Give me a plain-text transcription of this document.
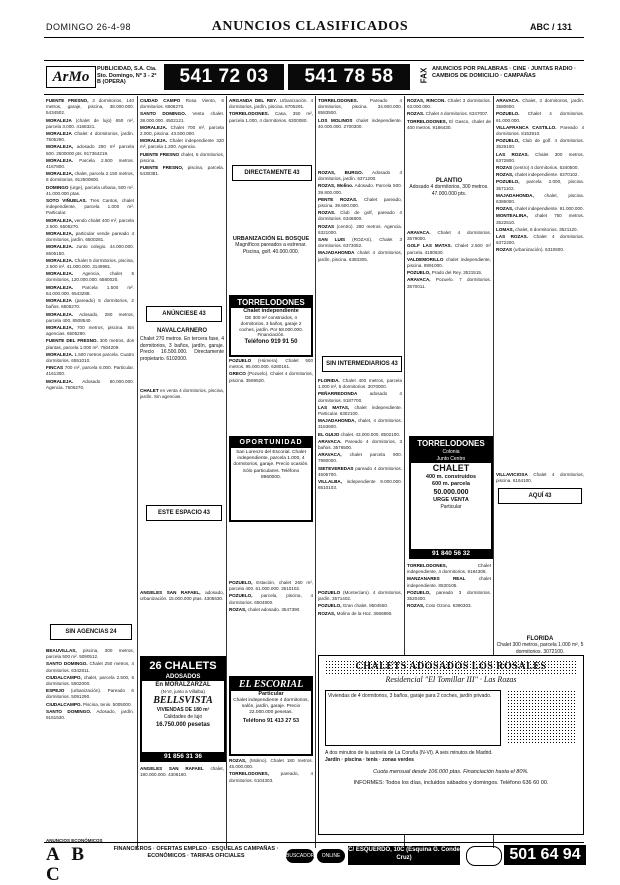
DOMINGO 26-4-98	ANUNCIOS CLASIFICADOS	ABC / 131
ArMo	PUBLICIDAD, S.A. Cta. Sto. Domingo, Nº 3 - 2º B (OPERA)	541 72 03	541 78 58	FAX ANUNCIOS POR PALABRAS · CINE · JUNTAS RADIO · CAMBIOS DE DOMICILIO · CAMPAÑAS

FUENTE FRESNO, 3 dormitorios, 140 metros, garaje, piscina, 38.000.000. 5434502.

MORALEJA (chalet de lujo) 650 m², parcela 3.000. 4168321.

MORALEJA Chalet 4 dormitorios, jardín. 7505290.

MORALEJA, adosado 250 m² parcela 500. 2500000 pts. 917364219.

MORALEJA. Parcela 2.500 metros. 4167800.

MORALEJA, chalet, parcela 2.150 metros, 8 dormitorios. 912500800.

DOMINGO (urge), parcela urbana, 500 m². 41.000.000 ptas.

SOTO VIÑUELAS. Tres Cantos, chalet independiente, parcela 1.000 m². Particular.

MORALEJA, vendo chalet 400 m², parcela 2.500. 6506270.

MORALEJA, particular vende pareado 4 dormitorios, jardín. 6500281.

MORALEJA. Junto colegio. 44.000.000. 6605150.

MORALEJA. Chalet 5 dormitorios, piscina, 2.500 m². 41.000.000. 3149981.

MORALEJA. Agencia, chalet 5 dormitorios, 120.000.000. 6580020.

MORALEJA. Parcela 1.500 m². 64.000.000. 6543288.

MORALEJA (pareado) 5 dormitorios, 2 baños. 6505270.

MORALEJA. Adosado, 280 metros, parcela 400. 8508540.

MORALEJA, 700 metros, piscina. Sin agencias. 6505290.

FUENTE DEL FRESNO. 300 metros, dos plantas, parcela 1.000 m². 7504209.

MORALEJA. 1.500 metros parcela. Cuatro dormitorios. 6551010.

FINCAS 700 m², parcela 6.000. Particular. 4161300.

MORALEJA. Adosado 60.000.000. Agencia. 7506270.

SIN AGENCIAS 24

BEAUVILLAS, piscina, 300 metros, parcela 500 m². 5090512.

SANTO DOMINGO. Chalet 250 metros, 4 dormitorios. 6342811.

CIUDALCAMPO, chalet, parcela 2.500, 6 dormitorios. 5502000.

ESPEJO (urbanización). Pareado 6 dormitorios. 5091290.

CIUDALCAMPO. Piscina, tenis. 5005000.

SANTO DOMINGO. Adosado, jardín. 9151530.

CIUDAD CAMPO Rosa Viento, 6 dormitorios. 6506270.

SANTO DOMINGO. Venta chalet. 38.000.000. 4502121.

MORALEJA. Chalet 700 m², parcela 2.000, piscina. 43.500.000.

MORALEJA. Chalet independiente 320 m², parcela 1.200. Agencia.

FUENTE FRESNO chalet, 5 dormitorios, piscina.

FUENTE FRESNO, piscina, parcela. 5430381.

ANÚNCIESE 43
NAVALCARNERO
Chalet 270 metros. En tercera fase, 4 dormitorios, 3 baños, jardín, garaje. Precio 16.500.000. Directamente propietario. 6102000.

CHALET en venta 4 dormitorios, piscina, jardín. Sin agencias.

ESTE ESPACIO 43

ANGELES SAN RAFAEL, adosado, urbanización. 15.000.000 ptas. 4305630.

26 CHALETS
ADOSADOS
En MORALZARZAL
(N-VI, junto a Villalba)
BELLSVISTA
VIVIENDAS DE 180 m²
Calidades de lujo
16.750.000 pesetas
91 856 31 36

ANGELES SAN RAFAEL chalet, 180.000.000. 4306180.

ARGANDA DEL REY. Urbanización. 4 dormitorios, jardín, piscina. 8705291.

TORRELODONES. Casa, 350 m², parcela 1.000, 4 dormitorios. 6300080.

DIRECTAMENTE 43
URBANIZACIÓN EL BOSQUE
Magníficos pareados a estrenar. Piscina, golf. 40.000.000.
TORRELODONES
Chalet independiente
DE 300 m² construidos, 4 dormitorios, 3 baños, garaje 2 coches, jardín. Por 58.000.000. Financiación.
Teléfono 919 91 50

POZUELO (Húmera). Chalet 500 metros. 95.000.000. 6280161.

GRECO (Pozuelo). Chalet 4 dormitorios, piscina. 3569520.

OPORTUNIDAD
San Lorenzo del Escorial. Chalet independiente, parcela 1.000, 4 dormitorios, garaje. Precio ocasión. Sólo particulares. Teléfono 8960000.

POZUELO, Estación, chalet 260 m², parcela 400. 61.000.000. 3510102.

POZUELO, parcela, piscina, 4 dormitorios. 6504800.

ROZAS, chalet adosado. 3547390.

EL ESCORIAL
Particular
Chalet independiente 4 dormitorios, salón, jardín, garaje. Precio 22.000.000 pesetas.
Teléfono 91 413 27 53

ROZAS, (Molino). Chalet 180 metros. 45.000.000.

TORRELODONES,	pareado, 4 dormitorios. 6104303.

TORRELODONES.	Pareado 4 dormitorios, piscina. 34.600.000. 8583500.

LOS MOLINOS chalet independiente. 40.000.000. 2700300.

ROZAS, BURGO. Adosado 4 dormitorios, jardín. 6371200.

ROZAS, Molino. Adosado. Parcela 500. 39.800.000.

PENTE ROZAS. Chalet pareado, piscina. 39.600.000.

ROZAS. Club de golf, pareado 4 dormitorios. 6346800.

ROZAS (centro). 280 metros. Agencia. 6321000.

SAN LUIS (ROZAS). Chalet 3 dormitorios. 6373052.

MAJADAHONDA chalet 4 dormitorios, jardín, piscina. 6383305.

SIN INTERMEDIARIOS 43

FLORIDA. Chalet 400 metros, parcela 1.000 m², 5 dormitorios. 3070000.

PEÑARREDONDA	adosado 4 dormitorios. 9187700.

LAS MATAS, chalet independiente. Particular. 6302100.

MAJADAHONDA, chalet, 4 dormitorios. 3163600.

EL GUIJO chalet. 43.000.000. 8502100.

ARAVACA. Pareado 4 dormitorios, 3 baños. 3576500.

ARAVACA, chalet parcela 900. 7980000.

SIETEVEREDAS pareado 4 dormitorios. 4506700.

VILLALBA, independiente 9.000.000. 8510103.

POZUELO (Monteclaro). 4 dormitorios, jardín. 3571402.

POZUELO, Gran chalet. 9504550.

ROZAS, Molino de la Hoz. 3566890.

ROZAS, RINCON. Chalet 3 dormitorios. 63.000.000.

ROZAS. Chalet 4 dormitorios. 6347007.

TORRELODONES, El Gasco, chalet de 400 metros. 9186430.

PLANTIO
Adosado 4 dormitorios, 300 metros. 47.000.000 pts.

ARAVACA. Chalet 4 dormitorios. 3579000.

GOLF LAS MATAS. Chalet 2.500 m² parcela. 4180630.

VALDEMORILLO chalet independiente, piscina. 8991000.

POZUELO, Prado del Rey. 3521515.

ARAVACA, Pozuelo. 7 dormitorios. 3570011.

TORRELODONES
Colonia
Junto Centro
CHALET
400 m. construidos
600 m. parcela
50.000.000
URGE VENTA
Particular
91 840 56 32

TORRELODONES,	Chalet independiente, 4 dormitorios. 9184308.

MANZANARES REAL	chalet independiente. 8530105.

POZUELO, pareado 3 dormitorios. 3520400.

ROZAS, Coto Ozono. 6390303.

ARAVACA. Chalet, 3 dormitorios, jardín. 3580600.

POZUELO. Chalet 4 dormitorios. 61.000.000.

VILLAFRANCA CASTILLO. Pareado 4 dormitorios. 8153910.

POZUELO, Club de golf. 4 dormitorios. 3526100.

LAS ROZAS. Chalet 300 metros. 6372800.

ROZAS (centro) 4 dormitorios. 6340500.

ROZAS, chalet independiente. 6370102.

POZUELO, parcela 2.000, piscina. 3571102.

MAJADAHONDA, chalet, piscina. 6386000.

ROZAS, chalet independiente. 91.000.000.

MONTEALINA, chalet 750 metros. 3522510.

LOMAS, chalet, 6 dormitorios. 3521120.

LAS ROZAS. Chalet 4 dormitorios. 6372200.

ROZAS (urbanización). 6310600.

VILLAVICIOSA Chalet 4 dormitorios, piscina. 6164100.

AQUÍ 43
FLORIDA
Chalet 300 metros, parcela 1.000 m², 5 dormitorios. 3072100.
CHALETS ADOSADOS LOS ROSALES
Residencial "El Tomillar III" · Las Rozas
Viviendas de 4 dormitorios, 3 baños, garaje para 2 coches, jardín privado.
A dos minutos de la autovía de La Coruña (N-VI). A seis minutos de Madrid.
Jardín · piscina · tenis · zonas verdes
Cuota mensual desde 106.000 ptas. Financiación hasta el 80%.
INFORMES: Todos los días, incluidos sábados y domingos. Teléfono 636 60 00.
ANUNCIOS ECONÓMICOS
A B C
FINANCIEROS · OFERTAS EMPLEO · ESQUELAS CAMPAÑAS · ECONÓMICOS · TARIFAS OFICIALES	BUSCADOR	ONLINE
C/ ESQUERDO, 10C (Esquina G. Conde Cruz)	501 64 94
